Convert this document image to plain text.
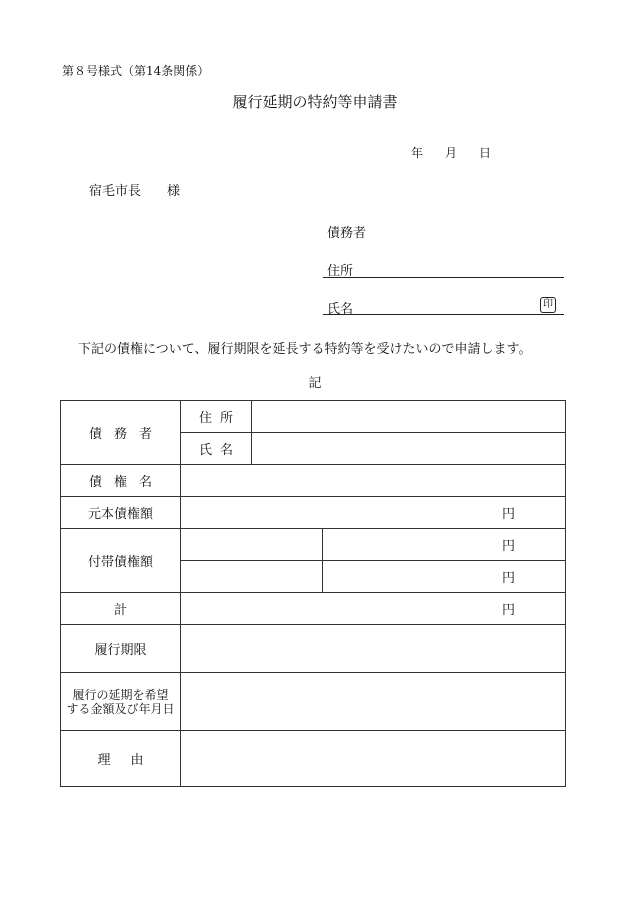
第８号様式（第14条関係）
履行延期の特約等申請書
年 月 日
宿毛市長 様
債務者
住所
氏名	印
下記の債権について、履行期限を延長する特約等を受けたいので申請します。
記
債務者	住所		
	氏名		
債権名			
元本債権額	円		
付帯債権額			円
			円
計	円		
履行期限			

履行の延期を希望
する金額及び年月日			

理由			
